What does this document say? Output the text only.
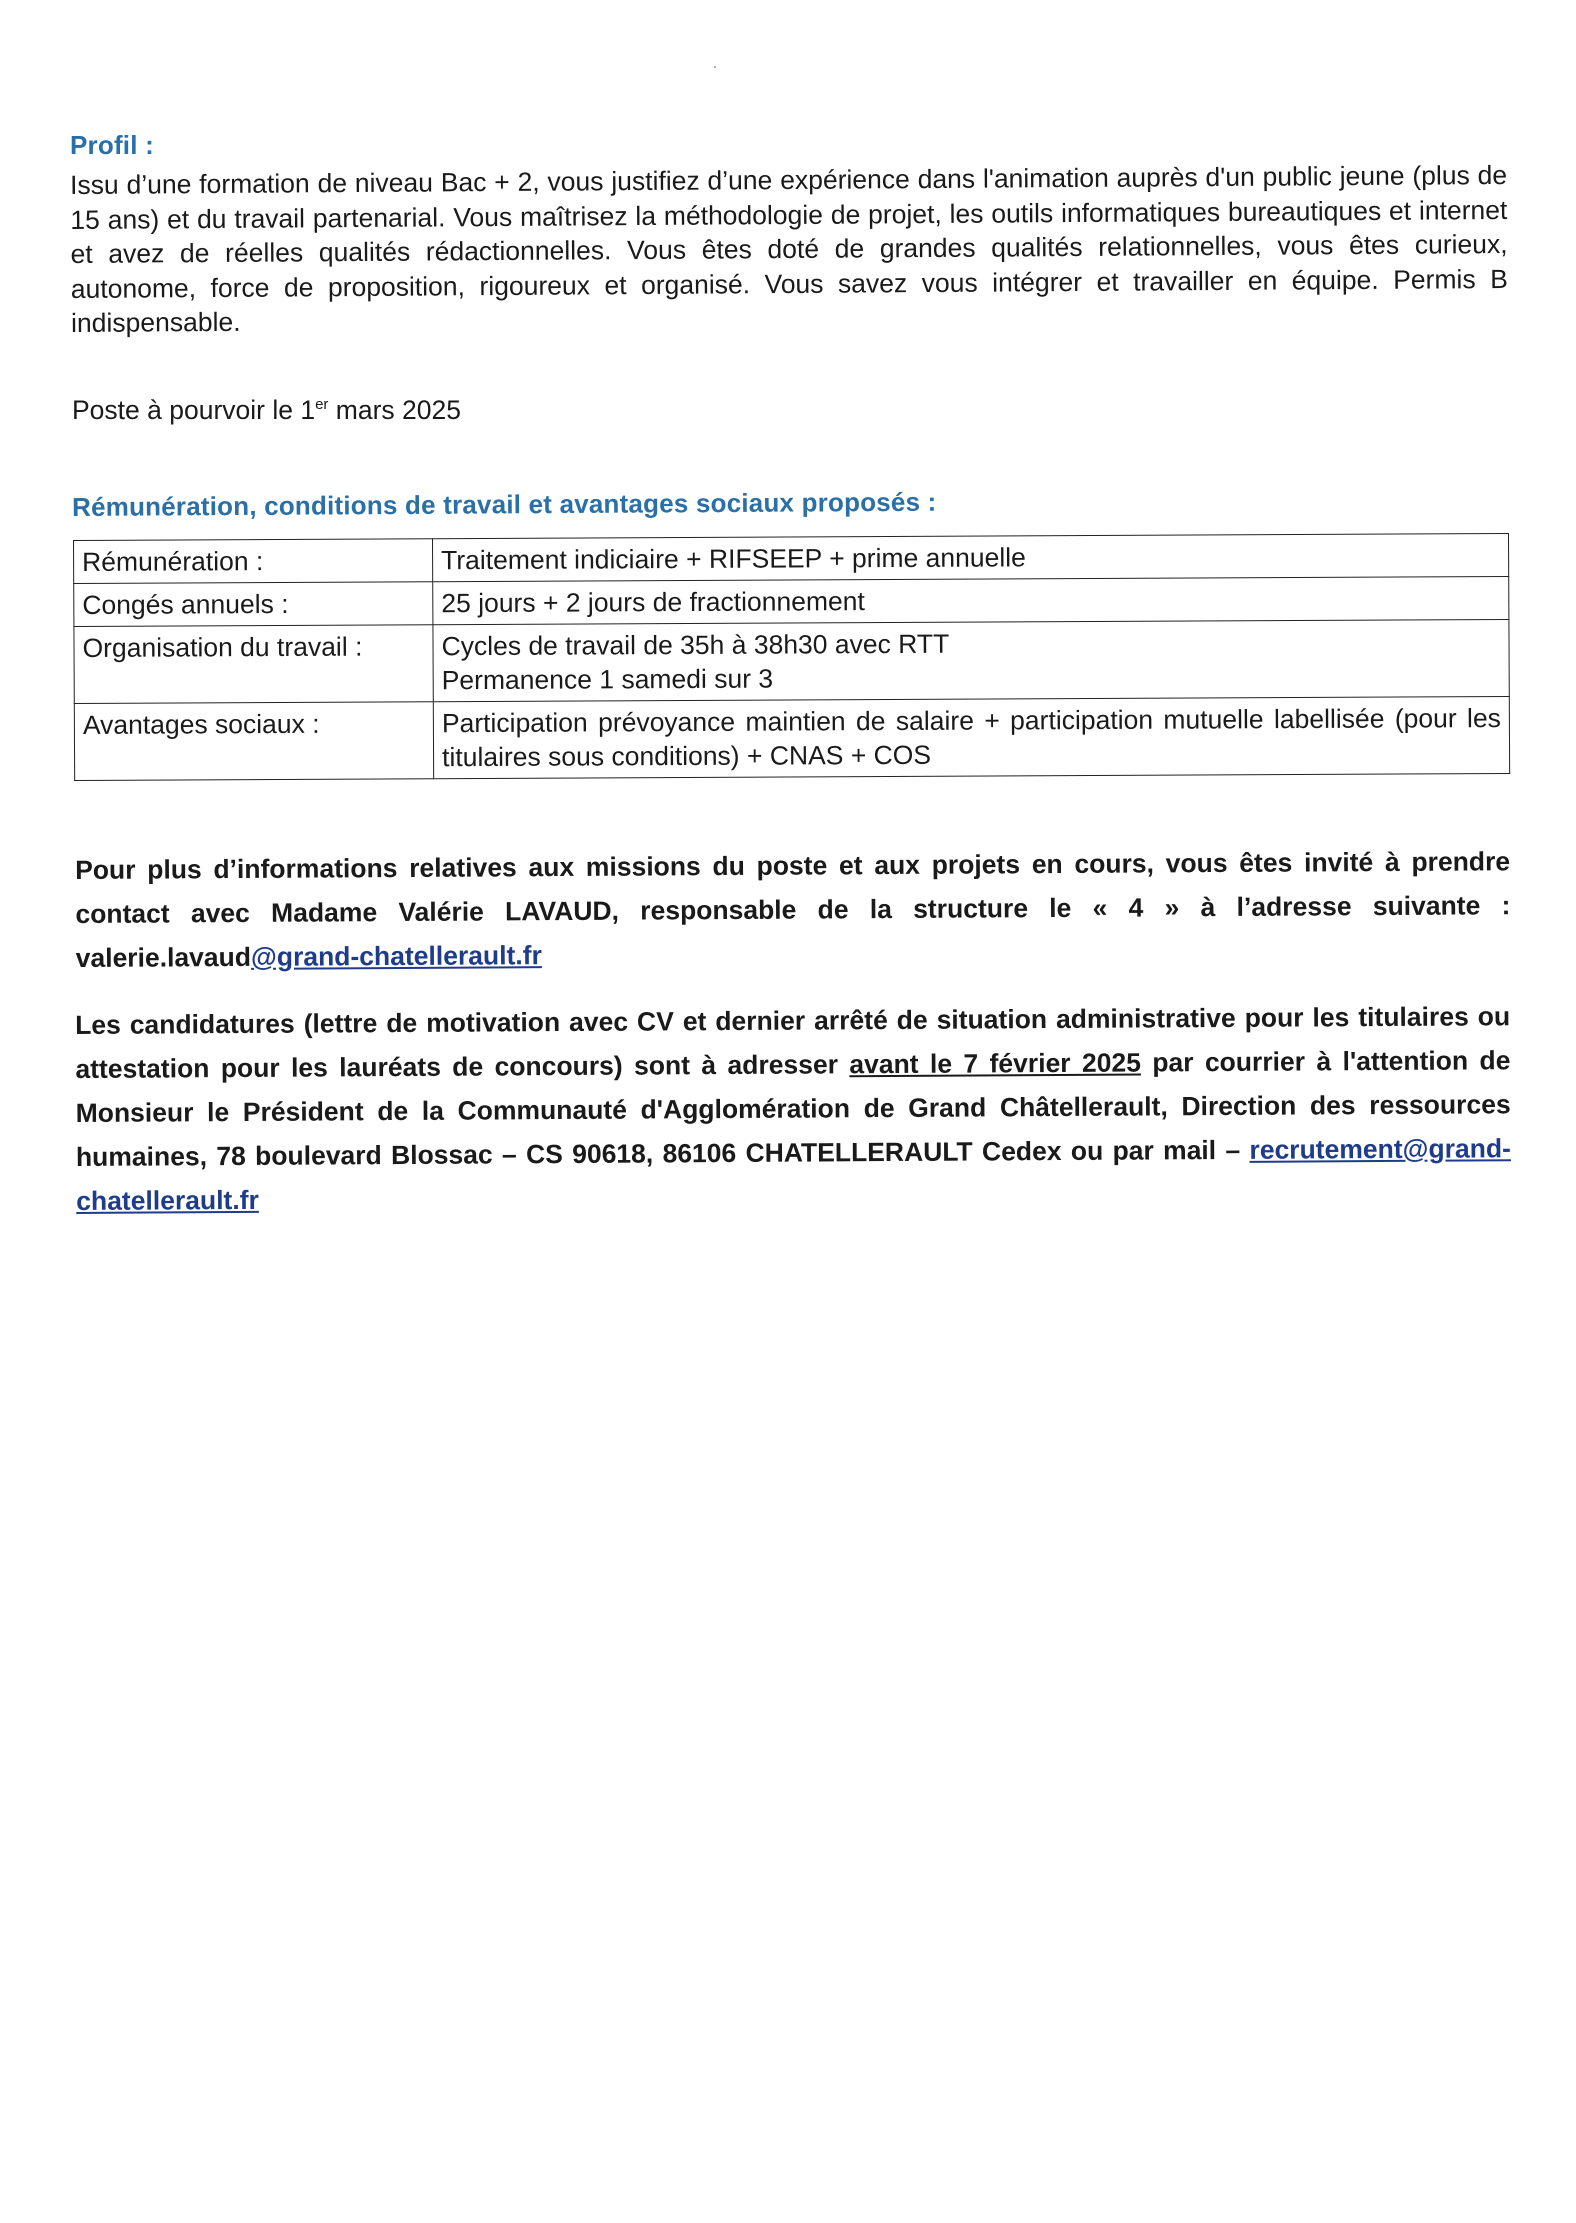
Profil :

Issu d’une formation de niveau Bac + 2, vous justifiez d’une expérience dans l'animation auprès d'un public jeune (plus de 15 ans) et du travail partenarial. Vous maîtrisez la méthodologie de projet, les outils informatiques bureautiques et internet et avez de réelles qualités rédactionnelles. Vous êtes doté de grandes qualités relationnelles, vous êtes curieux, autonome, force de proposition, rigoureux et organisé. Vous savez vous intégrer et travailler en équipe. Permis B indispensable.

Poste à pourvoir le 1er mars 2025

Rémunération, conditions de travail et avantages sociaux proposés :
Rémunération :	Traitement indiciaire + RIFSEEP + prime annuelle
Congés annuels :	25 jours + 2 jours de fractionnement
Organisation du travail :	Cycles de travail de 35h à 38h30 avec RTT
Permanence 1 samedi sur 3
Avantages sociaux :	Participation prévoyance maintien de salaire + participation mutuelle labellisée (pour les titulaires sous conditions) + CNAS + COS

Pour plus d’informations relatives aux missions du poste et aux projets en cours, vous êtes invité à prendre contact avec Madame Valérie LAVAUD, responsable de la structure le « 4 » à l’adresse suivante : valerie.lavaud@grand-chatellerault.fr

Les candidatures (lettre de motivation avec CV et dernier arrêté de situation administrative pour les titulaires ou attestation pour les lauréats de concours) sont à adresser avant le 7 février 2025 par courrier à l'attention de Monsieur le Président de la Communauté d'Agglomération de Grand Châtellerault, Direction des ressources humaines, 78 boulevard Blossac – CS 90618, 86106 CHATELLERAULT Cedex ou par mail – recrutement@grand-chatellerault.fr
